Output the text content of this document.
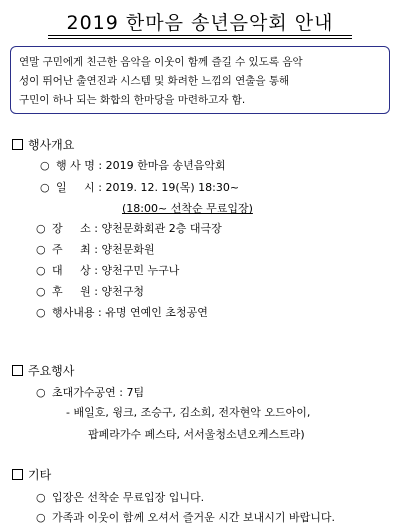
2019 한마음 송년음악회 안내
연말 구민에게 친근한 음악을 이웃이 함께 즐길 수 있도록 음악
성이 뛰어난 출연진과 시스템 및 화려한 느낌의 연출을 통해
구민이 하나 되는 화합의 한마당을 마련하고자 함.
행사개요
○ 행 사 명 : 2019 한마음 송년음악회
○ 일     시 : 2019. 12. 19(목) 18:30~
(18:00~ 선착순 무료입장)
○ 장     소 : 양천문화회관 2층 대극장
○ 주     최 : 양천문화원
○ 대     상 : 양천구민 누구나
○ 후     원 : 양천구청
○ 행사내용 : 유명 연예인 초청공연
주요행사
○ 초대가수공연 : 7팀
- 배일호, 윙크, 조승구, 김소희, 전자현악 오드아이,
팝페라가수 페스타, 서서울청소년오케스트라)
기타
○ 입장은 선착순 무료입장 입니다.
○ 가족과 이웃이 함께 오셔서 즐거운 시간 보내시기 바랍니다.
